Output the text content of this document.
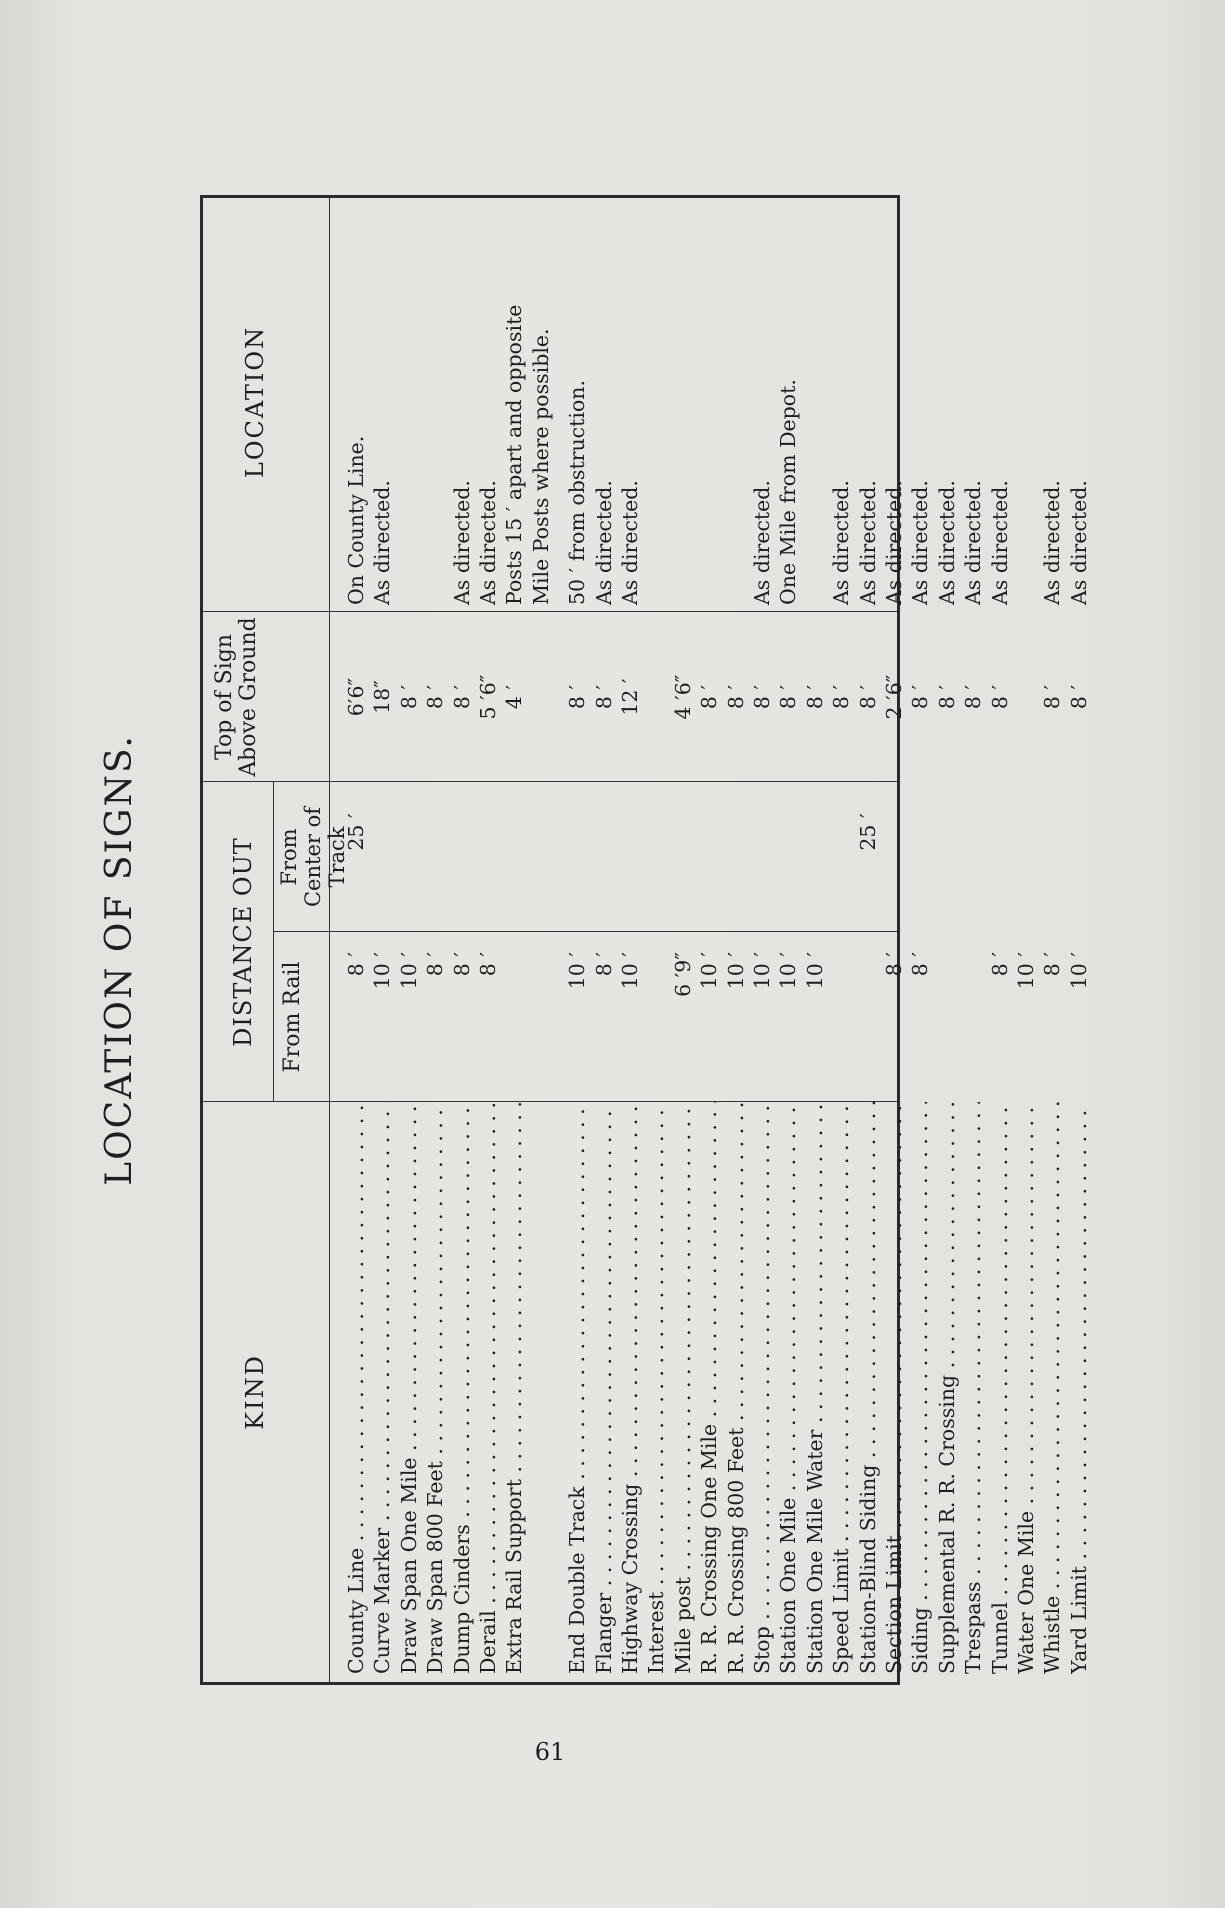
LOCATION OF SIGNS.
KIND
DISTANCE OUT From Rail
From Center of Track
Top of Sign Above Ground
LOCATION
County Line . . .
8 ′
25 ′
6′6″
On County Line.
Curve Marker . . .
10 ′
18″
As directed.
Draw Span One Mile . . .
10 ′
8 ′
Draw Span 800 Feet . . .
8 ′
8 ′
Dump Cinders . . .
8 ′
8 ′
As directed.
Derail . . .
8 ′
5 ′6″
As directed.
Extra Rail Support . . .
4 ′
Posts 15 ′ apart and opposite Mile Posts where possible.
End Double Track . . .
10 ′
8 ′
50 ′ from obstruction.
Flanger . . .
8 ′
8 ′
As directed.
Highway Crossing . . .
10 ′
12 ′
As directed.
Interest . . . Mile post . . .
6 ′9″
4 ′6″
R. R. Crossing One Mile . . .
10 ′
8 ′
R. R. Crossing 800 Feet . . .
10 ′
8 ′
Stop . . .
10 ′
8 ′
As directed.
Station One Mile . . .
10 ′
8 ′
One Mile from Depot.
Station One Mile Water . . .
10 ′
8 ′
Speed Limit . . .
8 ′
As directed.
Station-Blind Siding . . .
25 ′
8 ′
As directed.
Section Limit . . .
8 ′
2 ′6″
As directed.
Siding . . .
8 ′
8 ′
As directed.
Supplemental R. R. Crossing . . .
8 ′
As directed.
Trespass . . .
8 ′
As directed.
Tunnel . . .
8 ′
8 ′
As directed.
Water One Mile . . .
10 ′
Whistle . . .
8 ′
8 ′
As directed.
Yard Limit . . .
10 ′
8 ′
As directed.
61
